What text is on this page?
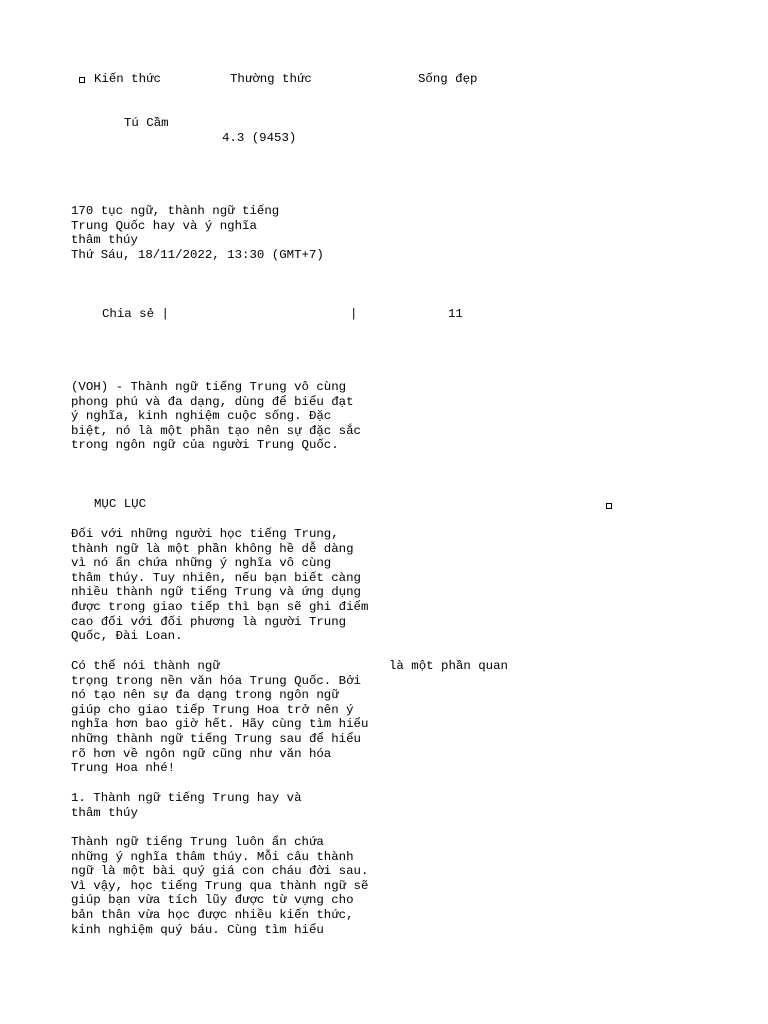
Kiến thức	Thường thức	Sống đẹp
Tú Cầm
4.3 (9453)
170 tục ngữ, thành ngữ tiếng
Trung Quốc hay và ý nghĩa
thâm thúy
Thứ Sáu, 18/11/2022, 13:30 (GMT+7)
Chia sẻ |	|	11
(VOH) - Thành ngữ tiếng Trung vô cùng
phong phú và đa dạng, dùng để biểu đạt
ý nghĩa, kinh nghiệm cuộc sống. Đặc
biệt, nó là một phần tạo nên sự đặc sắc
trong ngôn ngữ của người Trung Quốc.
MỤC LỤC
Đối với những người học tiếng Trung,
thành ngữ là một phần không hề dễ dàng
vì nó ẩn chứa những ý nghĩa vô cùng
thâm thúy. Tuy nhiên, nếu bạn biết càng
nhiều thành ngữ tiếng Trung và ứng dụng
được trong giao tiếp thì bạn sẽ ghi điểm
cao đối với đối phương là người Trung
Quốc, Đài Loan.
Có thể nói thành ngữ	là một phần quan
trọng trong nền văn hóa Trung Quốc. Bởi
nó tạo nên sự đa dạng trong ngôn ngữ
giúp cho giao tiếp Trung Hoa trở nên ý
nghĩa hơn bao giờ hết. Hãy cùng tìm hiểu
những thành ngữ tiếng Trung sau để hiểu
rõ hơn về ngôn ngữ cũng như văn hóa
Trung Hoa nhé!
1. Thành ngữ tiếng Trung hay và
thâm thúy
Thành ngữ tiếng Trung luôn ẩn chứa
những ý nghĩa thâm thúy. Mỗi câu thành
ngữ là một bài quý giá con cháu đời sau.
Vì vậy, học tiếng Trung qua thành ngữ sẽ
giúp bạn vừa tích lũy được từ vựng cho
bản thân vừa học được nhiều kiến thức,
kinh nghiệm quý báu. Cùng tìm hiểu
